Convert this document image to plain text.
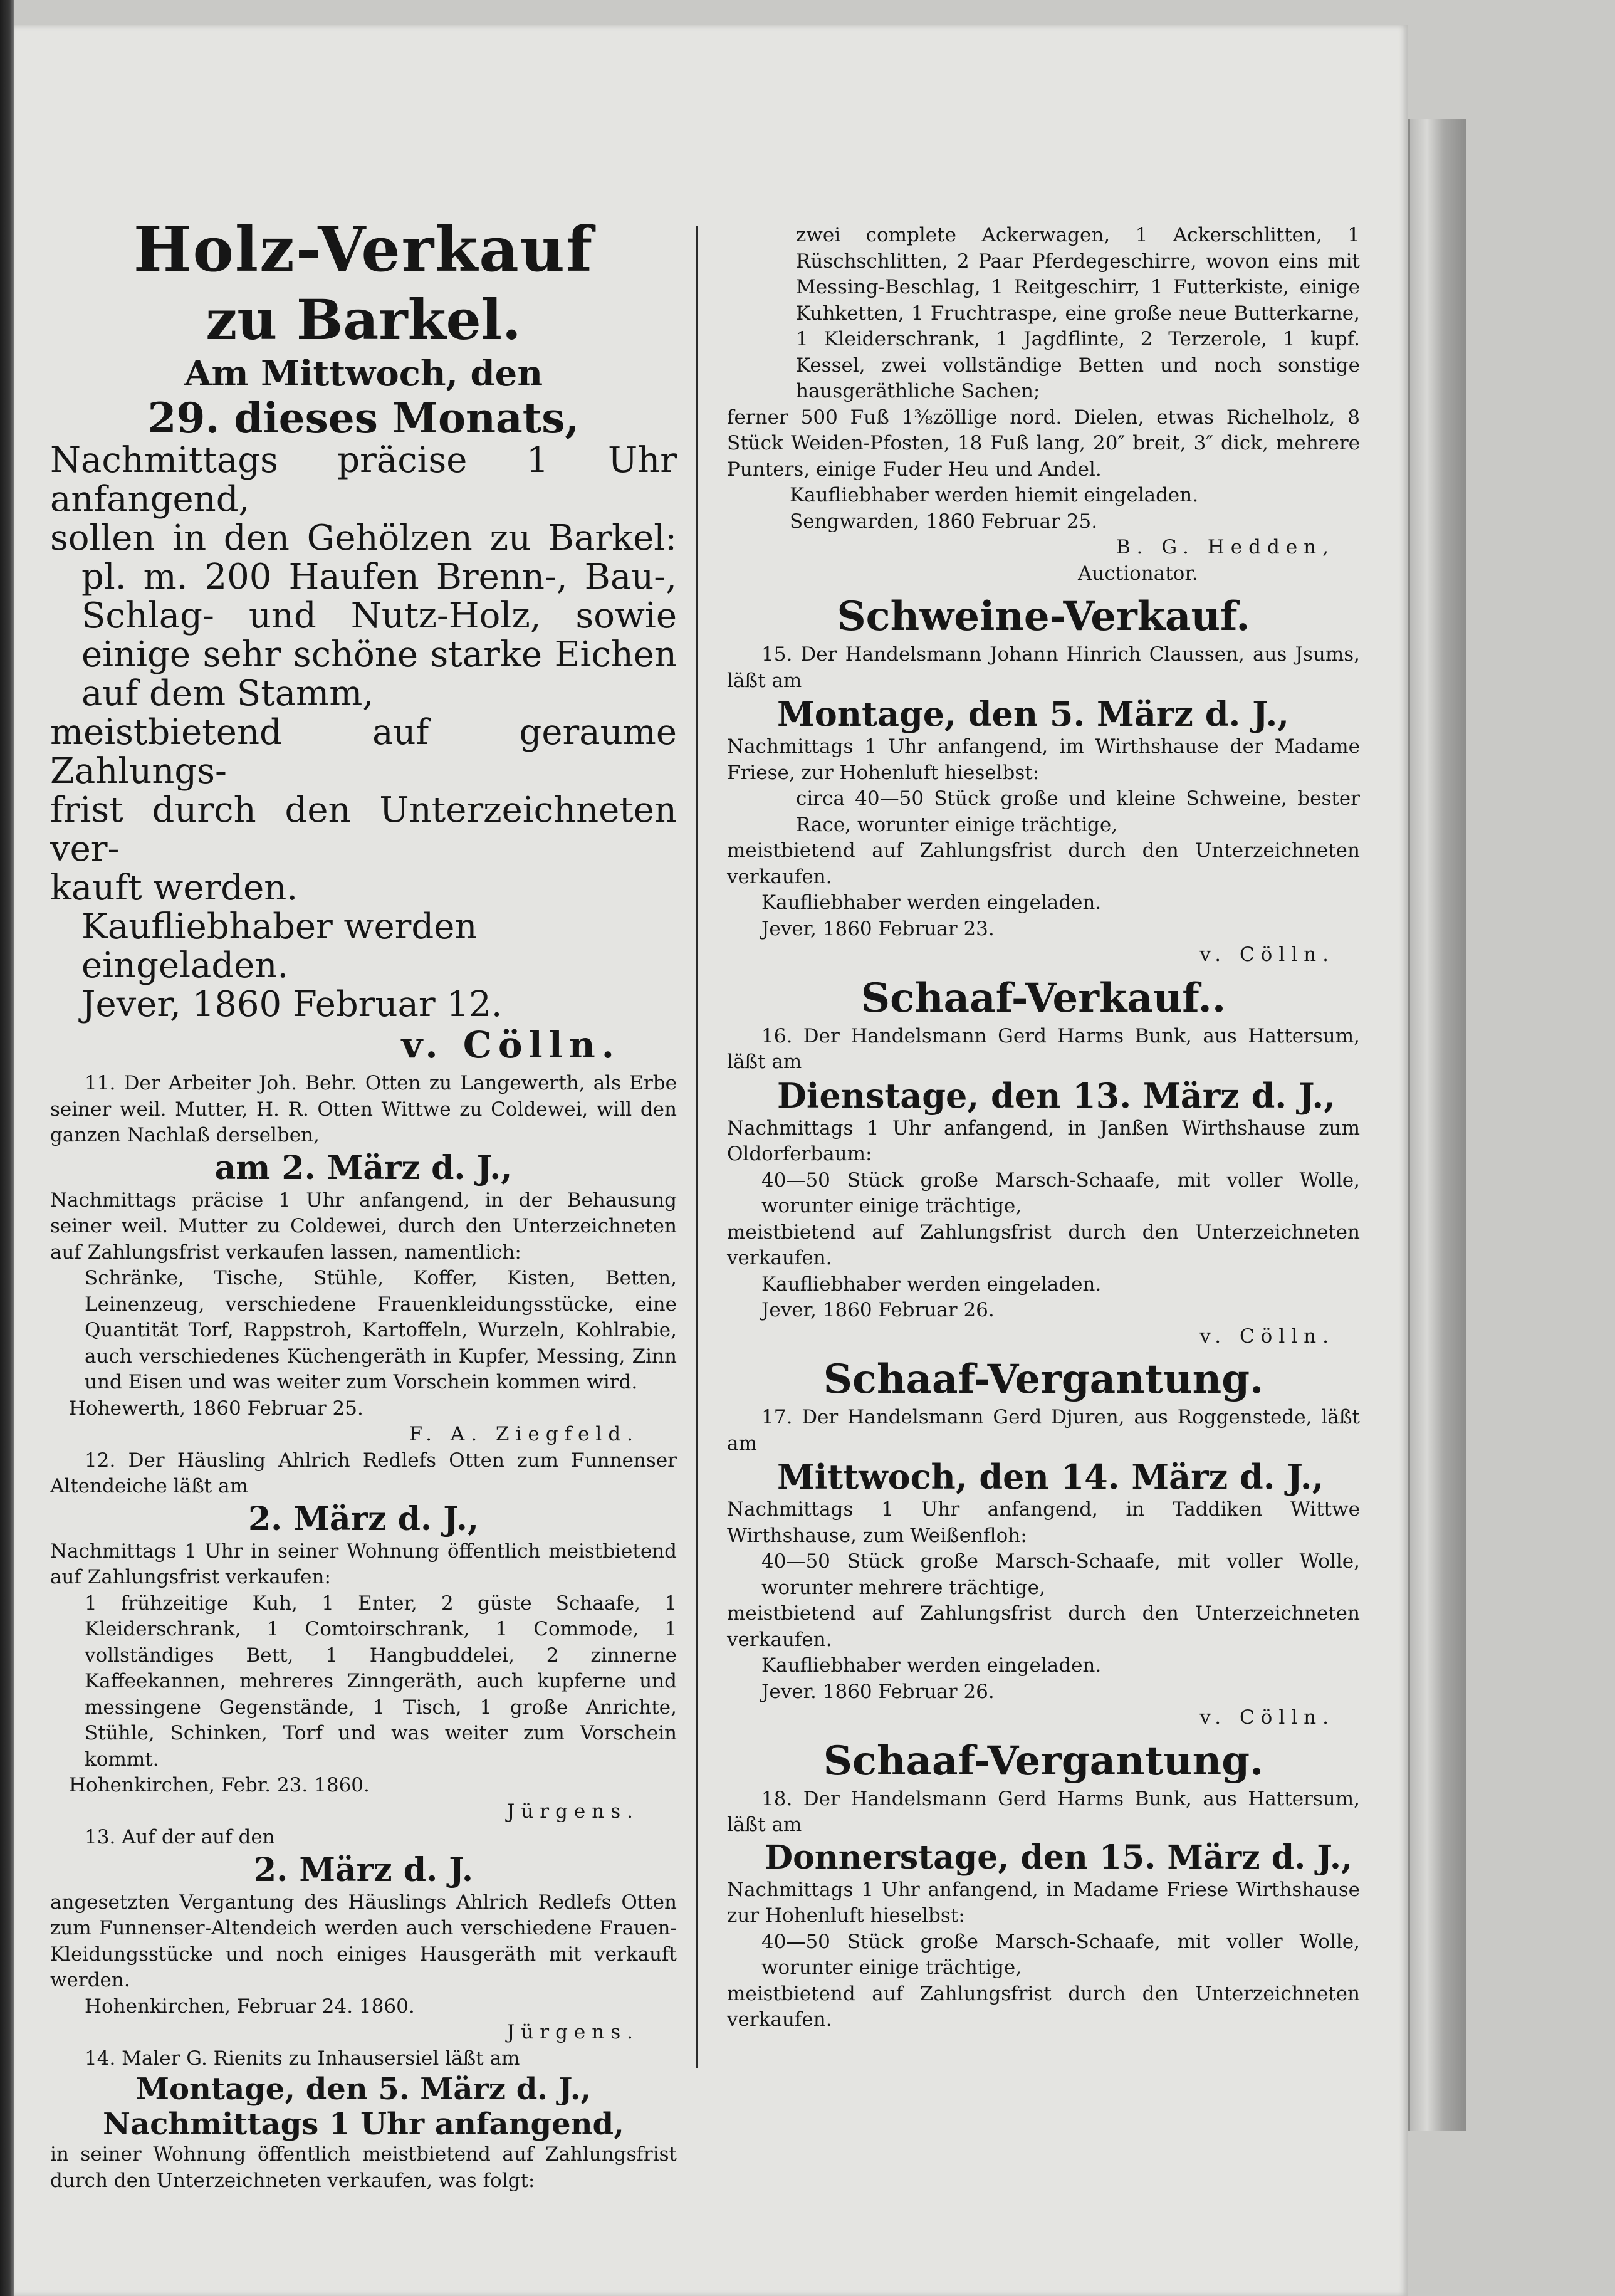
Holz-Verkauf

zu Barkel.

Am Mittwoch, den
29. dieses Monats,
Nachmittags präcise 1 Uhr anfangend,
sollen in den Gehölzen zu Barkel:
pl. m. 200 Haufen Brenn-, Bau-,
Schlag- und Nutz-Holz, sowie
einige sehr schöne starke Eichen
auf dem Stamm,
meistbietend auf geraume Zahlungs-
frist durch den Unterzeichneten ver-
kauft werden.
Kaufliebhaber werden eingeladen.
Jever, 1860 Februar 12.
v. Cölln.

11. Der Arbeiter Joh. Behr. Otten zu Langewerth, als Erbe seiner weil. Mutter, H. R. Otten Wittwe zu Coldewei, will den ganzen Nachlaß derselben,

am 2. März d. J.,

Nachmittags präcise 1 Uhr anfangend, in der Behausung seiner weil. Mutter zu Coldewei, durch den Unterzeichneten auf Zahlungsfrist verkaufen lassen, namentlich:

Schränke, Tische, Stühle, Koffer, Kisten, Betten, Leinenzeug, verschiedene Frauenkleidungsstücke, eine Quantität Torf, Rappstroh, Kartoffeln, Wurzeln, Kohlrabie, auch verschiedenes Küchengeräth in Kupfer, Messing, Zinn und Eisen und was weiter zum Vorschein kommen wird.

Hohewerth, 1860 Februar 25.

F. A. Ziegfeld.

12. Der Häusling Ahlrich Redlefs Otten zum Funnenser Altendeiche läßt am

2. März d. J.,

Nachmittags 1 Uhr in seiner Wohnung öffentlich meistbietend auf Zahlungsfrist verkaufen:

1 frühzeitige Kuh, 1 Enter, 2 güste Schaafe, 1 Kleiderschrank, 1 Comtoirschrank, 1 Commode, 1 vollständiges Bett, 1 Hangbuddelei, 2 zinnerne Kaffeekannen, mehreres Zinngeräth, auch kupferne und messingene Gegenstände, 1 Tisch, 1 große Anrichte, Stühle, Schinken, Torf und was weiter zum Vorschein kommt.

Hohenkirchen, Febr. 23. 1860.

Jürgens.

13. Auf der auf den

2. März d. J.

angesetzten Vergantung des Häuslings Ahlrich Redlefs Otten zum Funnenser-Altendeich werden auch verschiedene Frauen-Kleidungsstücke und noch einiges Hausgeräth mit verkauft werden.

Hohenkirchen, Februar 24. 1860.

Jürgens.

14. Maler G. Rienits zu Inhausersiel läßt am

Montage, den 5. März d. J.,

Nachmittags 1 Uhr anfangend,

in seiner Wohnung öffentlich meistbietend auf Zahlungsfrist durch den Unterzeichneten verkaufen, was folgt:

zwei complete Ackerwagen, 1 Ackerschlitten, 1 Rüschschlitten, 2 Paar Pferdegeschirre, wovon eins mit Messing-Beschlag, 1 Reitgeschirr, 1 Futterkiste, einige Kuhketten, 1 Fruchtraspe, eine große neue Butterkarne, 1 Kleiderschrank, 1 Jagdflinte, 2 Terzerole, 1 kupf. Kessel, zwei vollständige Betten und noch sonstige hausgeräthliche Sachen;

ferner 500 Fuß 1⅜zöllige nord. Dielen, etwas Richelholz, 8 Stück Weiden-Pfosten, 18 Fuß lang, 20″ breit, 3″ dick, mehrere Punters, einige Fuder Heu und Andel.

Kaufliebhaber werden hiemit eingeladen.

Sengwarden, 1860 Februar 25.

B. G. Hedden,

Auctionator.

Schweine-Verkauf.

15. Der Handelsmann Johann Hinrich Claussen, aus Jsums, läßt am

Montage, den 5. März d. J.,

Nachmittags 1 Uhr anfangend, im Wirthshause der Madame Friese, zur Hohenluft hieselbst:

circa 40—50 Stück große und kleine Schweine, bester Race, worunter einige trächtige,

meistbietend auf Zahlungsfrist durch den Unterzeichneten verkaufen.

Kaufliebhaber werden eingeladen.

Jever, 1860 Februar 23.

v. Cölln.

Schaaf-Verkauf..

16. Der Handelsmann Gerd Harms Bunk, aus Hattersum, läßt am

Dienstage, den 13. März d. J.,

Nachmittags 1 Uhr anfangend, in Janßen Wirthshause zum Oldorferbaum:

40—50 Stück große Marsch-Schaafe, mit voller Wolle, worunter einige trächtige,

meistbietend auf Zahlungsfrist durch den Unterzeichneten verkaufen.

Kaufliebhaber werden eingeladen.

Jever, 1860 Februar 26.

v. Cölln.

Schaaf-Vergantung.

17. Der Handelsmann Gerd Djuren, aus Roggenstede, läßt am

Mittwoch, den 14. März d. J.,

Nachmittags 1 Uhr anfangend, in Taddiken Wittwe Wirthshause, zum Weißenfloh:

40—50 Stück große Marsch-Schaafe, mit voller Wolle, worunter mehrere trächtige,

meistbietend auf Zahlungsfrist durch den Unterzeichneten verkaufen.

Kaufliebhaber werden eingeladen.

Jever. 1860 Februar 26.

v. Cölln.

Schaaf-Vergantung.

18. Der Handelsmann Gerd Harms Bunk, aus Hattersum, läßt am

Donnerstage, den 15. März d. J.,

Nachmittags 1 Uhr anfangend, in Madame Friese Wirthshause zur Hohenluft hieselbst:

40—50 Stück große Marsch-Schaafe, mit voller Wolle, worunter einige trächtige,

meistbietend auf Zahlungsfrist durch den Unterzeichneten verkaufen.
